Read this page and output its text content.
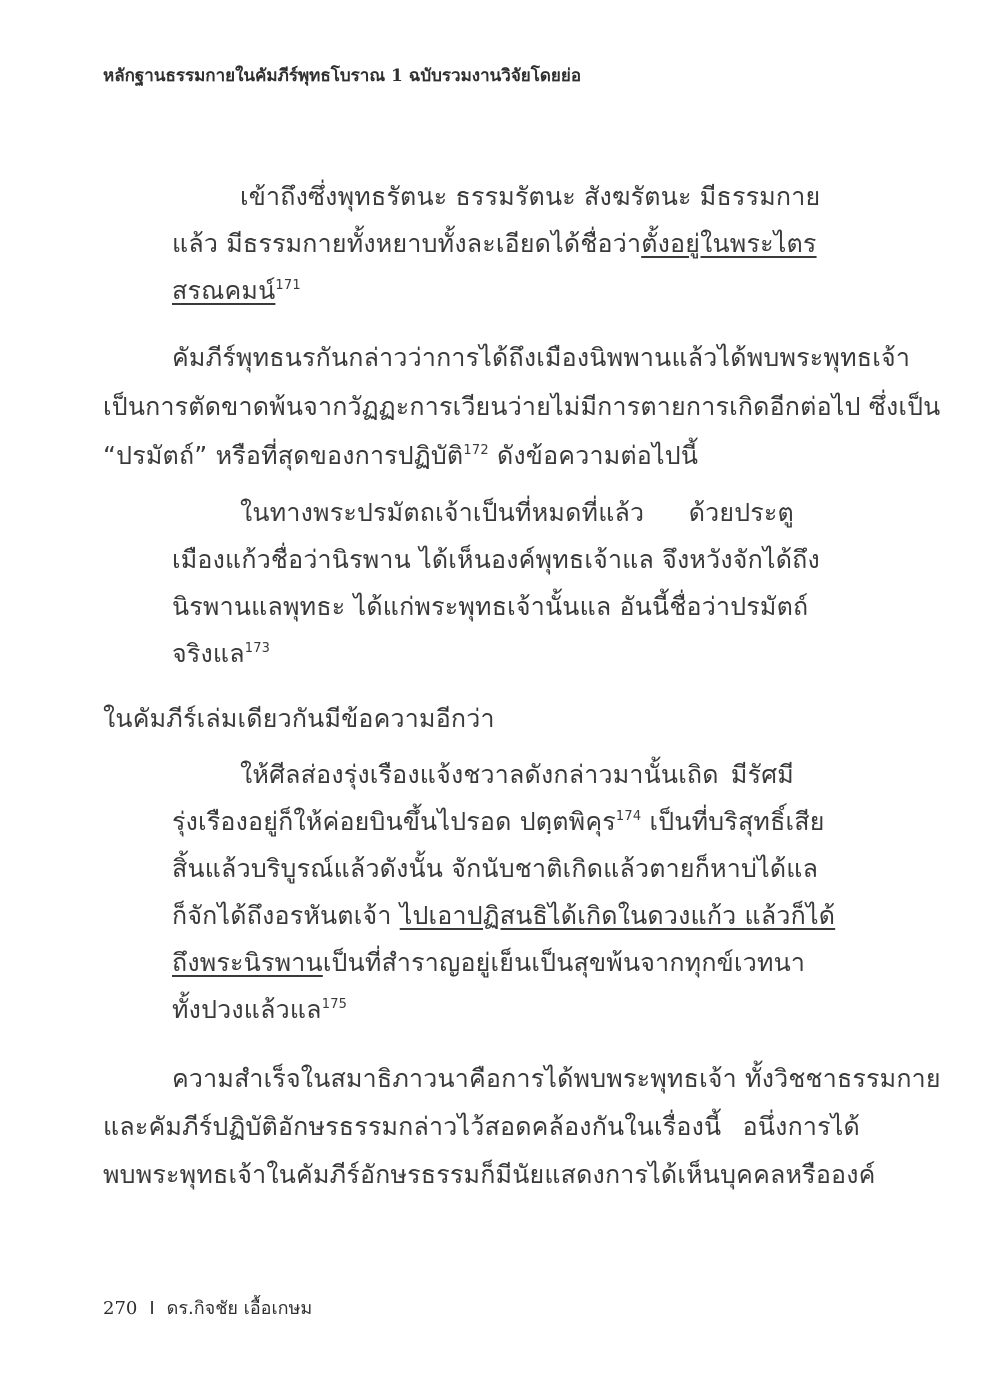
หลักฐานธรรมกายในคัมภีร์พุทธโบราณ 1 ฉบับรวมงานวิจัยโดยย่อ
เข้าถึงซึ่งพุทธรัตนะ ธรรมรัตนะ สังฆรัตนะ มีธรรมกาย
แล้ว มีธรรมกายทั้งหยาบทั้งละเอียดได้ชื่อว่าตั้งอยู่ในพระไตร
สรณคมน์$^{171}$
คัมภีร์พุทธนรกันกล่าวว่าการได้ถึงเมืองนิพพานแล้วได้พบพระพุทธเจ้า
เป็นการตัดขาดพ้นจากวัฏฏะการเวียนว่ายไม่มีการตายการเกิดอีกต่อไป ซึ่งเป็น
“ปรมัตถ์” หรือที่สุดของการปฏิบัติ$^{172}$ ดังข้อความต่อไปนี้
ในทางพระปรมัตถเจ้าเป็นที่หมดที่แล้ว ด้วยประตู
เมืองแก้วชื่อว่านิรพาน ได้เห็นองค์พุทธเจ้าแล จึงหวังจักได้ถึง
นิรพานแลพุทธะ ได้แก่พระพุทธเจ้านั้นแล อันนี้ชื่อว่าปรมัตถ์
จริงแล$^{173}$
ในคัมภีร์เล่มเดียวกันมีข้อความอีกว่า
ให้ศีลส่องรุ่งเรืองแจ้งชวาลดังกล่าวมานั้นเถิด มีรัศมี
รุ่งเรืองอยู่ก็ให้ค่อยบินขึ้นไปรอด ปตฺตพิคุร$^{174}$ เป็นที่บริสุทธิ์เสีย
สิ้นแล้วบริบูรณ์แล้วดังนั้น จักนับชาติเกิดแล้วตายก็หาบ่ได้แล
ก็จักได้ถึงอรหันตเจ้า ไปเอาปฏิสนธิได้เกิดในดวงแก้ว แล้วก็ได้
ถึงพระนิรพานเป็นที่สำราญอยู่เย็นเป็นสุขพ้นจากทุกข์เวทนา
ทั้งปวงแล้วแล$^{175}$
ความสำเร็จในสมาธิภาวนาคือการได้พบพระพุทธเจ้า ทั้งวิชชาธรรมกาย
และคัมภีร์ปฏิบัติอักษรธรรมกล่าวไว้สอดคล้องกันในเรื่องนี้ อนึ่งการได้
พบพระพุทธเจ้าในคัมภีร์อักษรธรรมก็มีนัยแสดงการได้เห็นบุคคลหรือองค์
270 I ดร.กิจชัย เอื้อเกษม
